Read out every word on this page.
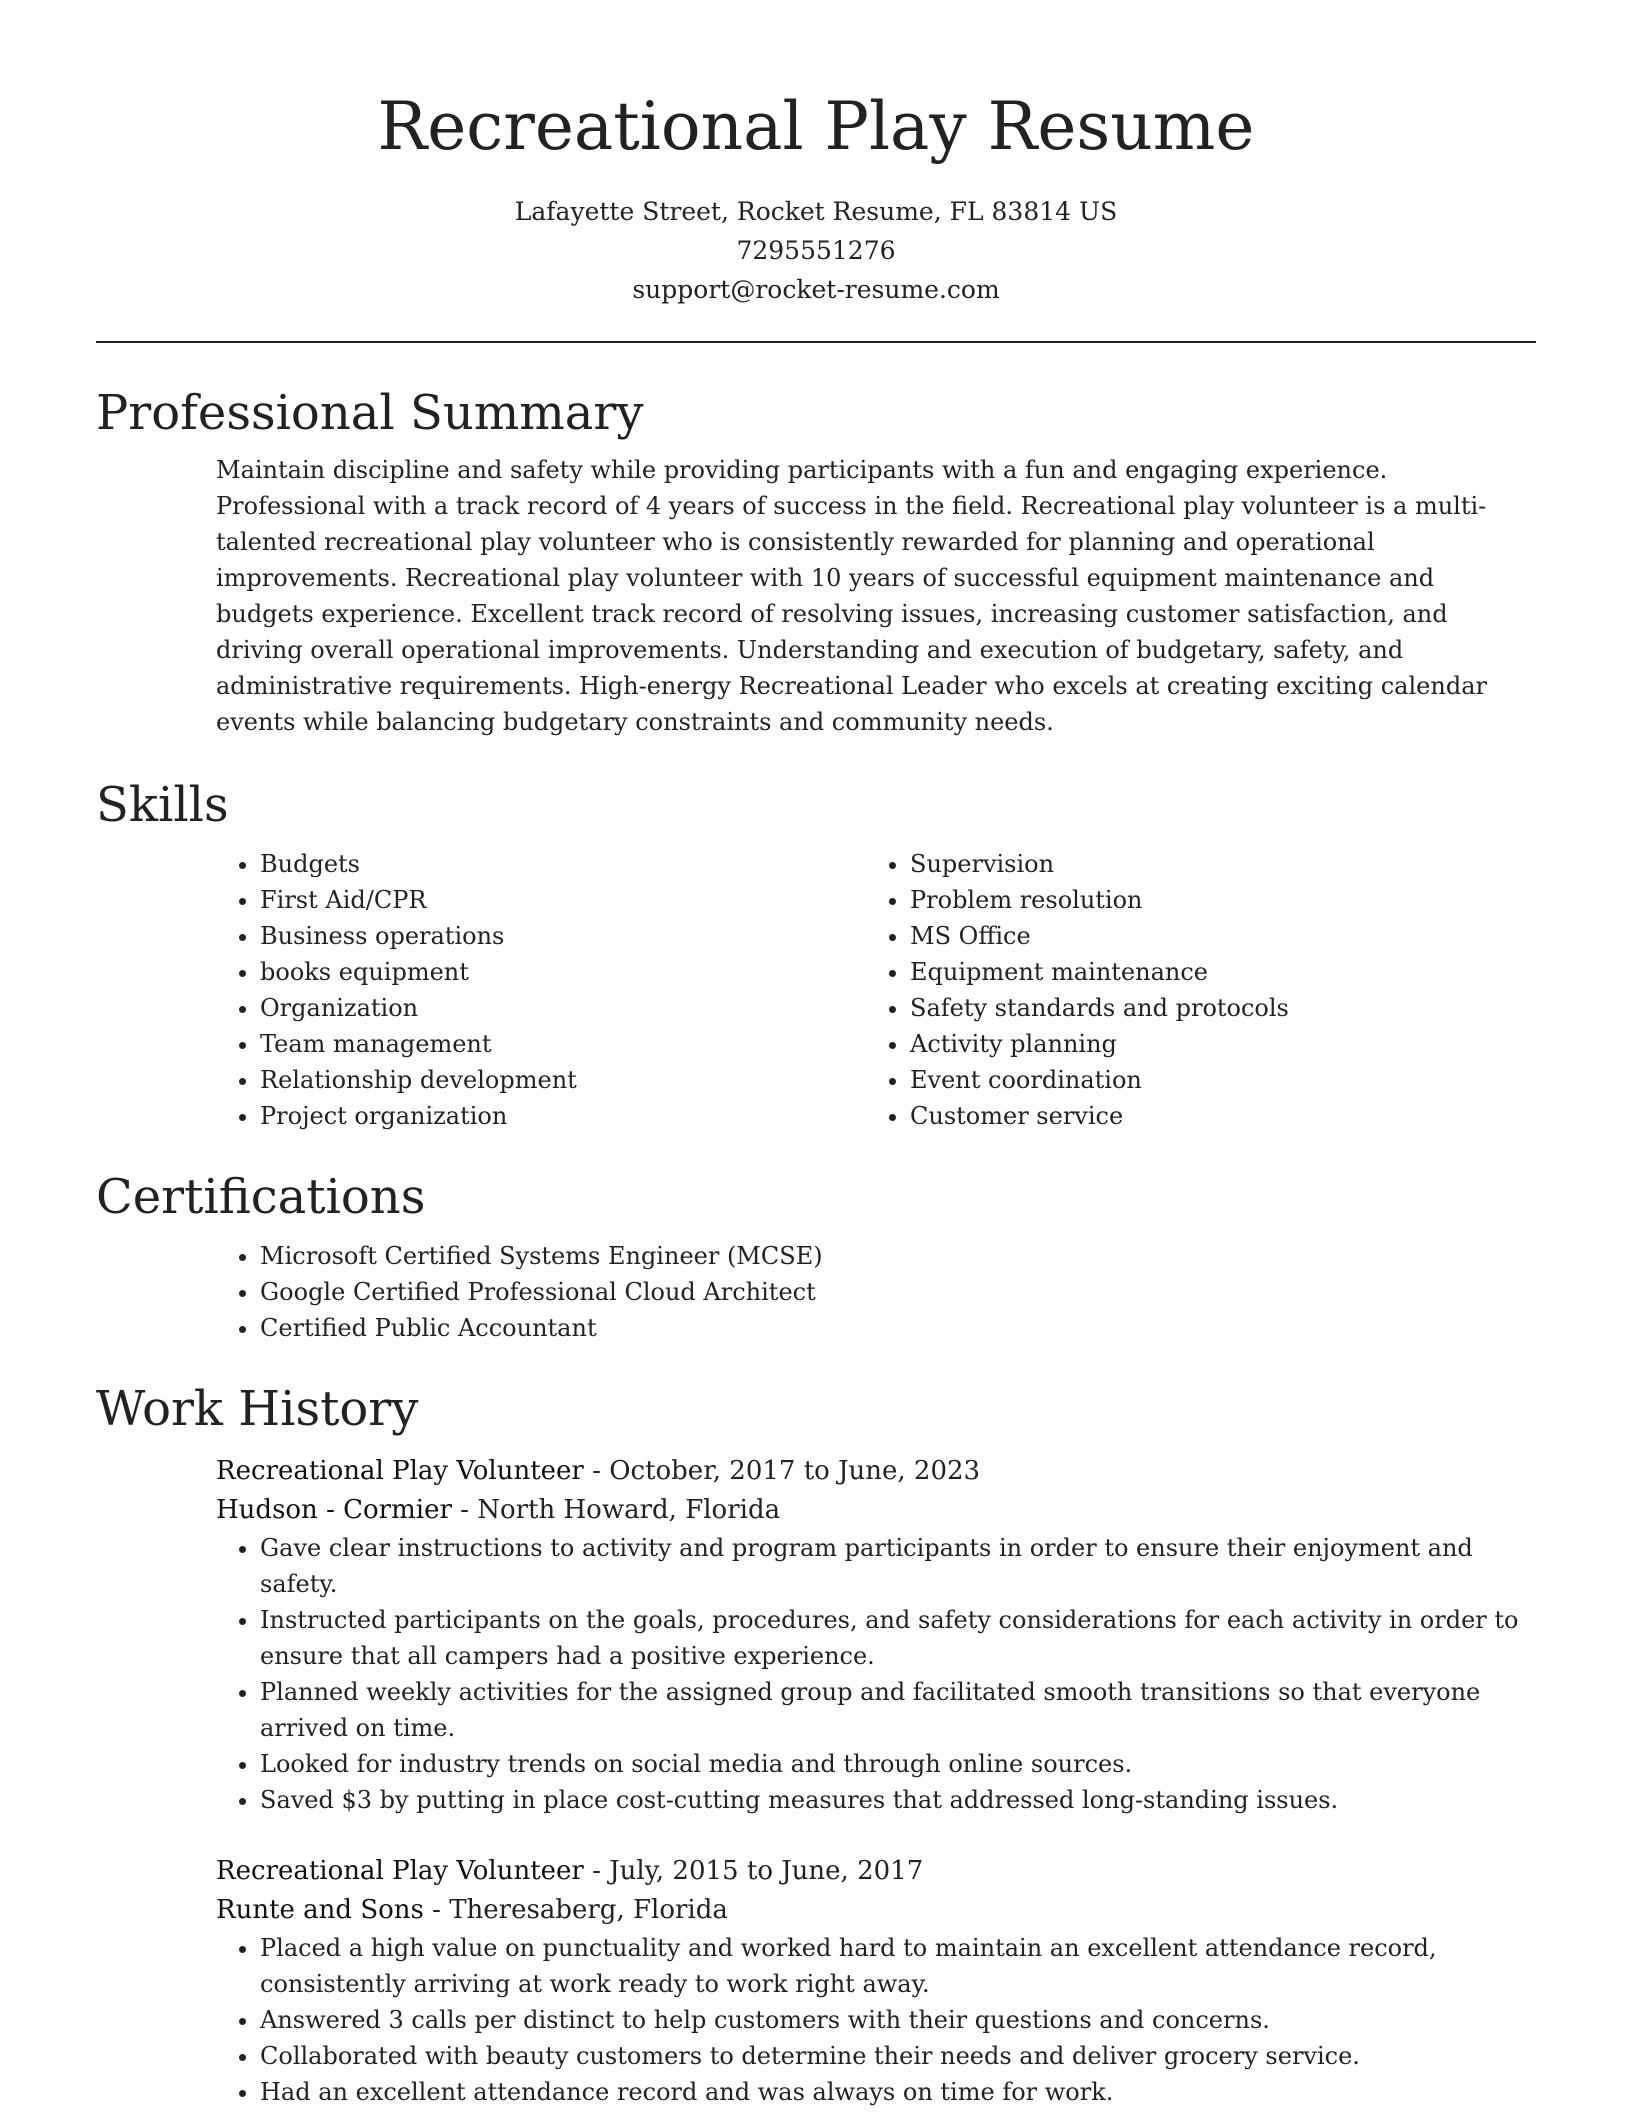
Recreational Play Resume
Lafayette Street, Rocket Resume, FL 83814 US
7295551276
support@rocket-resume.com
Professional Summary

Maintain discipline and safety while providing participants with a fun and engaging experience. Professional with a track record of 4 years of success in the field. Recreational play volunteer is a multi-talented recreational play volunteer who is consistently rewarded for planning and operational improvements. Recreational play volunteer with 10 years of successful equipment maintenance and budgets experience. Excellent track record of resolving issues, increasing customer satisfaction, and driving overall operational improvements. Understanding and execution of budgetary, safety, and administrative requirements. High-energy Recreational Leader who excels at creating exciting calendar events while balancing budgetary constraints and community needs.

Skills
• Budgets
• First Aid/CPR
• Business operations
• books equipment
• Organization
• Team management
• Relationship development
• Project organization
• Supervision
• Problem resolution
• MS Office
• Equipment maintenance
• Safety standards and protocols
• Activity planning
• Event coordination
• Customer service
Certifications
• Microsoft Certified Systems Engineer (MCSE)
• Google Certified Professional Cloud Architect
• Certified Public Accountant
Work History
Recreational Play Volunteer - October, 2017 to June, 2023
Hudson - Cormier - North Howard, Florida
• Gave clear instructions to activity and program participants in order to ensure their enjoyment and safety.
• Instructed participants on the goals, procedures, and safety considerations for each activity in order to ensure that all campers had a positive experience.
• Planned weekly activities for the assigned group and facilitated smooth transitions so that everyone arrived on time.
• Looked for industry trends on social media and through online sources.
• Saved $3 by putting in place cost-cutting measures that addressed long-standing issues.
Recreational Play Volunteer - July, 2015 to June, 2017
Runte and Sons - Theresaberg, Florida
• Placed a high value on punctuality and worked hard to maintain an excellent attendance record, consistently arriving at work ready to work right away.
• Answered 3 calls per distinct to help customers with their questions and concerns.
• Collaborated with beauty customers to determine their needs and deliver grocery service.
• Had an excellent attendance record and was always on time for work.
